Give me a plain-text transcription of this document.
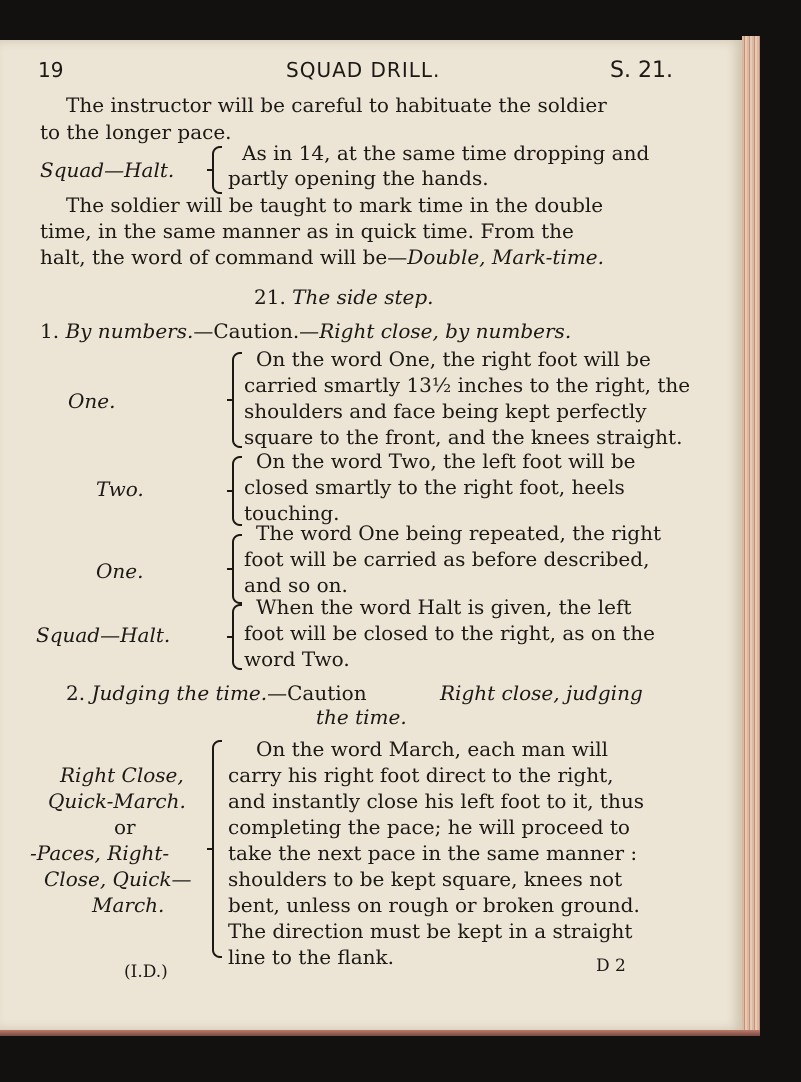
19	SQUAD DRILL.	S. 21.
The instructor will be careful to habituate the soldier
to the longer pace.
Squad—Halt.
As in 14, at the same time dropping and
partly opening the hands.
The soldier will be taught to mark time in the double
time, in the same manner as in quick time. From the
halt, the word of command will be—Double, Mark-time.
21. The side step.
1. By numbers.—Caution.—Right close, by numbers.
One.
On the word One, the right foot will be
carried smartly 13½ inches to the right, the
shoulders and face being kept perfectly
square to the front, and the knees straight.
Two.
On the word Two, the left foot will be
closed smartly to the right foot, heels
touching.
One.
The word One being repeated, the right
foot will be carried as before described,
and so on.
Squad—Halt.
When the word Halt is given, the left
foot will be closed to the right, as on the
word Two.
2. Judging the time.—Caution	Right close, judging
the time.
Right Close,
Quick-March.
or
-Paces, Right-
Close, Quick—
March.
On the word March, each man will
carry his right foot direct to the right,
and instantly close his left foot to it, thus
completing the pace; he will proceed to
take the next pace in the same manner :
shoulders to be kept square, knees not
bent, unless on rough or broken ground.
The direction must be kept in a straight
line to the flank.
(I.D.)	D 2
